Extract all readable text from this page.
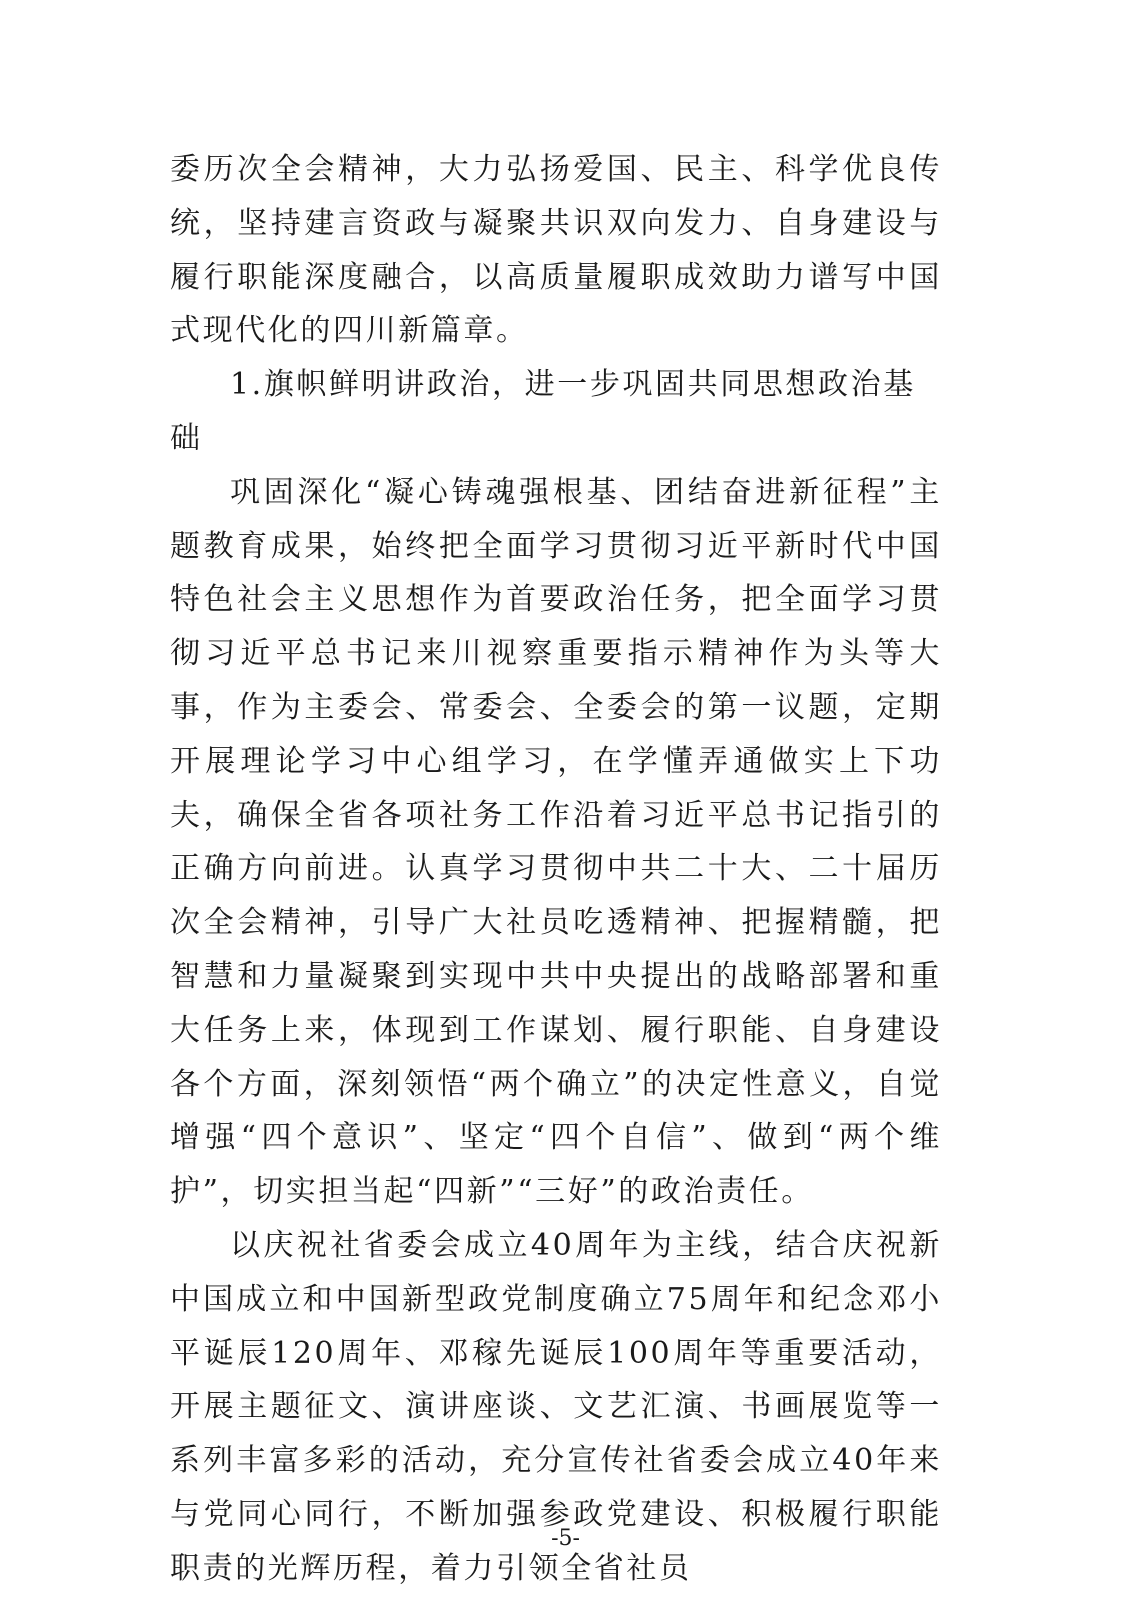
委历次全会精神，大力弘扬爱国、民主、科学优良传统，坚持建言资政与凝聚共识双向发力、自身建设与履行职能深度融合，以高质量履职成效助力谱写中国式现代化的四川新篇章。

1.旗帜鲜明讲政治，进一步巩固共同思想政治基础

巩固深化“凝心铸魂强根基、团结奋进新征程”主题教育成果，始终把全面学习贯彻习近平新时代中国特色社会主义思想作为首要政治任务，把全面学习贯彻习近平总书记来川视察重要指示精神作为头等大事，作为主委会、常委会、全委会的第一议题，定期开展理论学习中心组学习，在学懂弄通做实上下功夫，确保全省各项社务工作沿着习近平总书记指引的正确方向前进。认真学习贯彻中共二十大、二十届历次全会精神，引导广大社员吃透精神、把握精髓，把智慧和力量凝聚到实现中共中央提出的战略部署和重大任务上来，体现到工作谋划、履行职能、自身建设各个方面，深刻领悟“两个确立”的决定性意义，自觉增强“四个意识”、坚定“四个自信”、做到“两个维护”，切实担当起“四新”“三好”的政治责任。

以庆祝社省委会成立40周年为主线，结合庆祝新中国成立和中国新型政党制度确立75周年和纪念邓小平诞辰120周年、邓稼先诞辰100周年等重要活动，开展主题征文、演讲座谈、文艺汇演、书画展览等一系列丰富多彩的活动，充分宣传社省委会成立40年来与党同心同行，不断加强参政党建设、积极履行职能职责的光辉历程，着力引领全省社员

-5-
